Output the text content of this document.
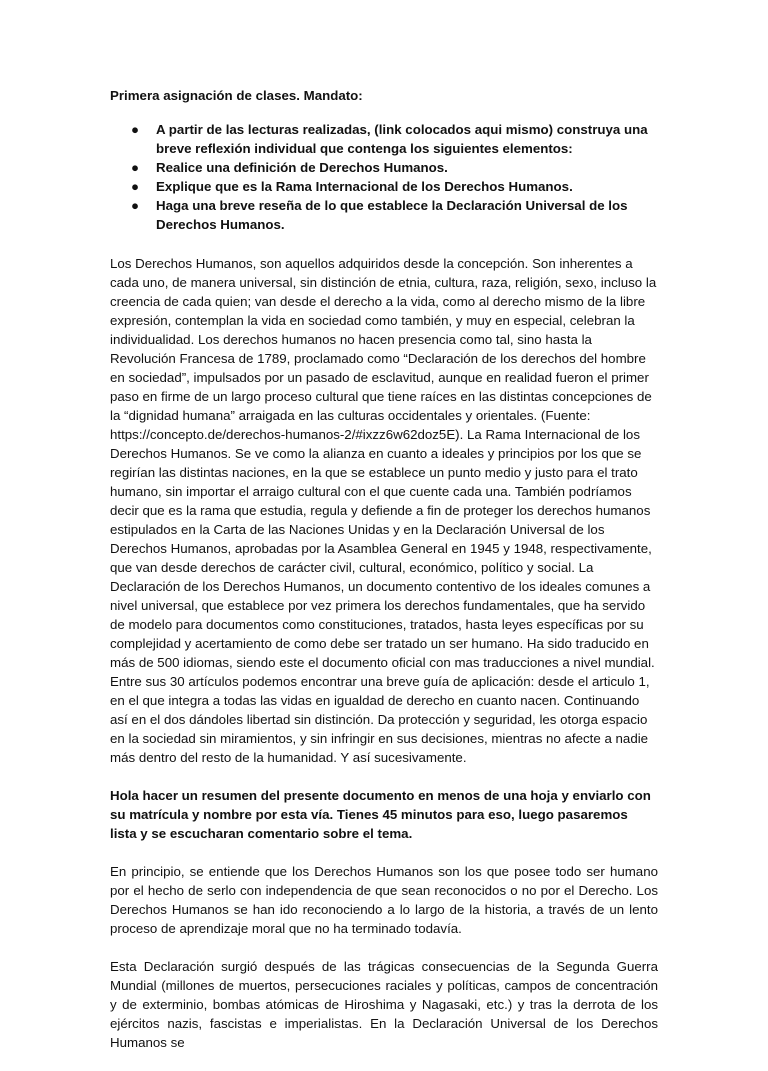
Primera asignación de clases. Mandato:

● A partir de las lecturas realizadas, (link colocados aqui mismo) construya una breve reflexión individual que contenga los siguientes elementos:
● Realice una definición de Derechos Humanos.
● Explique que es la Rama Internacional de los Derechos Humanos.
● Haga una breve reseña de lo que establece la Declaración Universal de los Derechos Humanos.

Los Derechos Humanos, son aquellos adquiridos desde la concepción. Son inherentes a cada uno, de manera universal, sin distinción de etnia, cultura, raza, religión, sexo, incluso la creencia de cada quien; van desde el derecho a la vida, como al derecho mismo de la libre expresión, contemplan la vida en sociedad como también, y muy en especial, celebran la individualidad. Los derechos humanos no hacen presencia como tal, sino hasta la Revolución Francesa de 1789, proclamado como “Declaración de los derechos del hombre en sociedad”, impulsados por un pasado de esclavitud, aunque en realidad fueron el primer paso en firme de un largo proceso cultural que tiene raíces en las distintas concepciones de la “dignidad humana” arraigada en las culturas occidentales y orientales. (Fuente: https://concepto.de/derechos-humanos-2/#ixzz6w62doz5E). La Rama Internacional de los Derechos Humanos. Se ve como la alianza en cuanto a ideales y principios por los que se regirían las distintas naciones, en la que se establece un punto medio y justo para el trato humano, sin importar el arraigo cultural con el que cuente cada una. También podríamos decir que es la rama que estudia, regula y defiende a fin de proteger los derechos humanos estipulados en la Carta de las Naciones Unidas y en la Declaración Universal de los Derechos Humanos, aprobadas por la Asamblea General en 1945 y 1948, respectivamente, que van desde derechos de carácter civil, cultural, económico, político y social. La Declaración de los Derechos Humanos, un documento contentivo de los ideales comunes a nivel universal, que establece por vez primera los derechos fundamentales, que ha servido de modelo para documentos como constituciones, tratados, hasta leyes específicas por su complejidad y acertamiento de como debe ser tratado un ser humano. Ha sido traducido en más de 500 idiomas, siendo este el documento oficial con mas traducciones a nivel mundial. Entre sus 30 artículos podemos encontrar una breve guía de aplicación: desde el articulo 1, en el que integra a todas las vidas en igualdad de derecho en cuanto nacen. Continuando así en el dos dándoles libertad sin distinción. Da protección y seguridad, les otorga espacio en la sociedad sin miramientos, y sin infringir en sus decisiones, mientras no afecte a nadie más dentro del resto de la humanidad. Y así sucesivamente.

Hola hacer un resumen del presente documento en menos de una hoja y enviarlo con su matrícula y nombre por esta vía. Tienes 45 minutos para eso, luego pasaremos lista y se escucharan comentario sobre el tema.

En principio, se entiende que los Derechos Humanos son los que posee todo ser humano por el hecho de serlo con independencia de que sean reconocidos o no por el Derecho. Los Derechos Humanos se han ido reconociendo a lo largo de la historia, a través de un lento proceso de aprendizaje moral que no ha terminado todavía.

Esta Declaración surgió después de las trágicas consecuencias de la Segunda Guerra Mundial (millones de muertos, persecuciones raciales y políticas, campos de concentración y de exterminio, bombas atómicas de Hiroshima y Nagasaki, etc.) y tras la derrota de los ejércitos nazis, fascistas e imperialistas. En la Declaración Universal de los Derechos Humanos se
